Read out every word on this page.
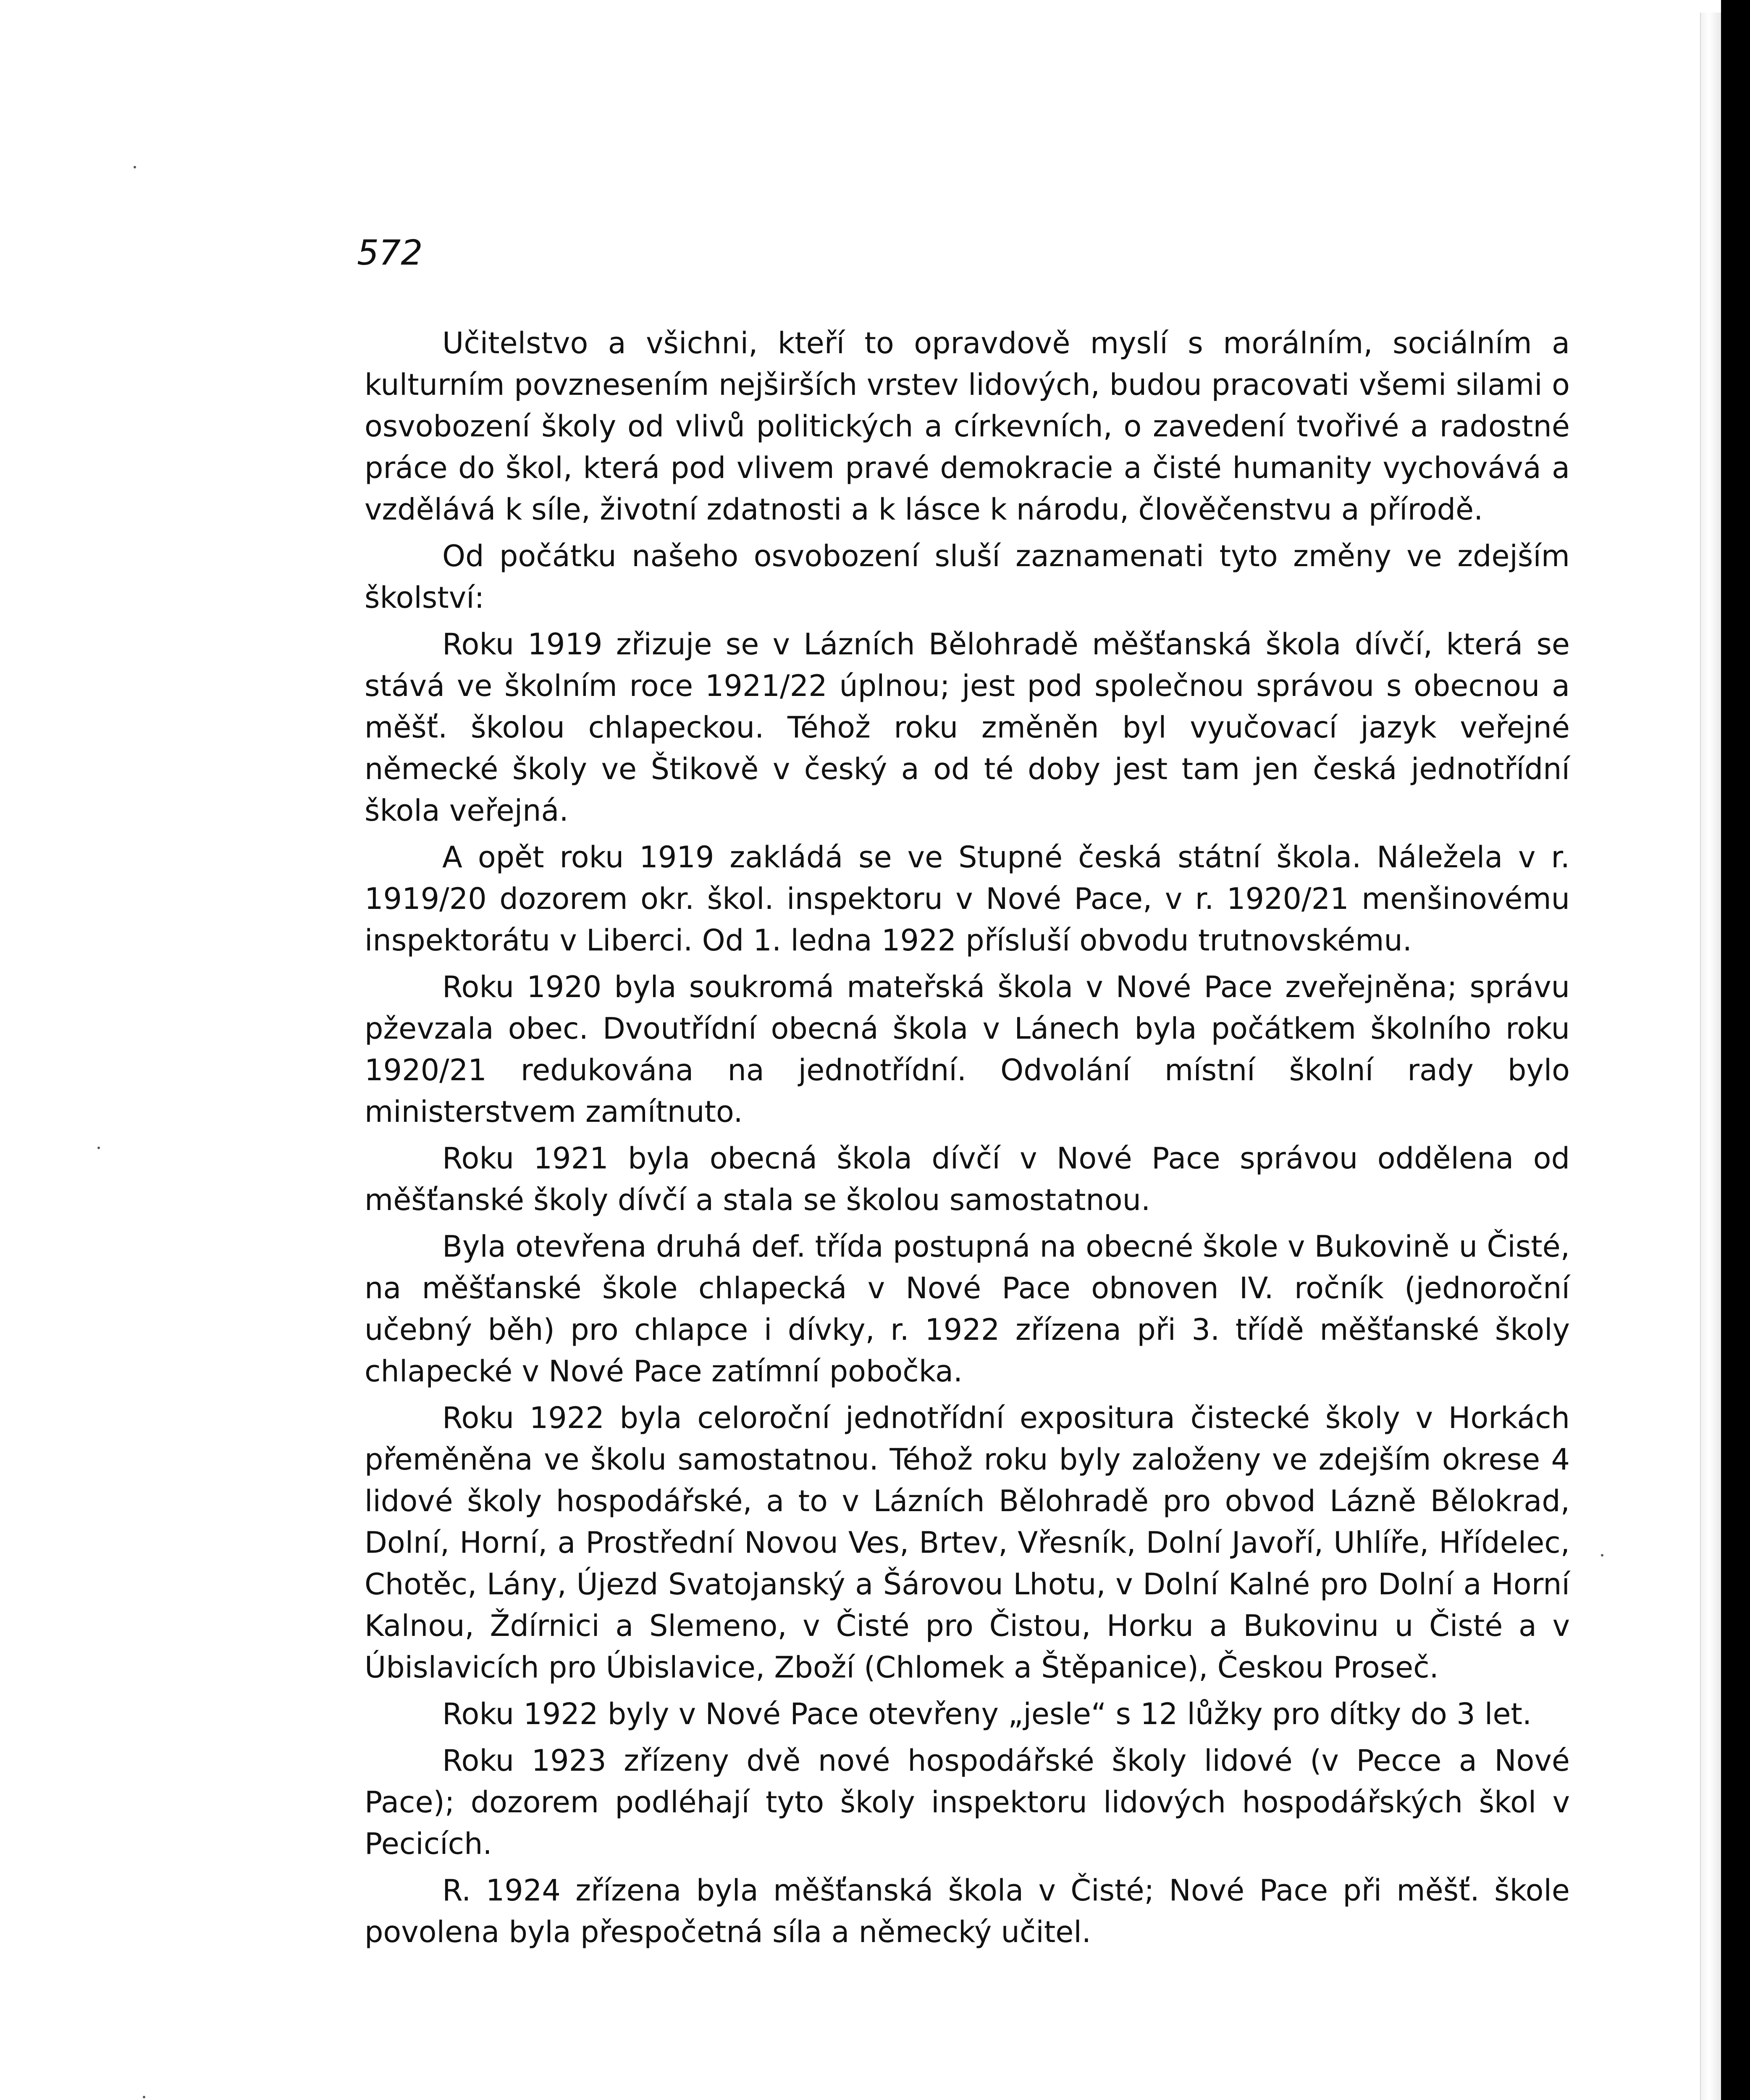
572

Učitelstvo a všichni, kteří to opravdově myslí s morálním, sociálním a kulturním povznesením nejširších vrstev lidových, budou pracovati všemi silami o osvobození školy od vlivů politických a církevních, o zavedení tvořivé a radostné práce do škol, která pod vlivem pravé demokracie a čisté humanity vychovává a vzdělává k síle, životní zdatnosti a k lásce k národu, člověčenstvu a přírodě.

Od počátku našeho osvobození sluší zaznamenati tyto změny ve zdejším školství:

Roku 1919 zřizuje se v Lázních Bělohradě měšťanská škola dívčí, která se stává ve školním roce 1921/22 úplnou; jest pod společnou správou s obecnou a měšť. školou chlapeckou. Téhož roku změněn byl vyučovací jazyk veřejné německé školy ve Štikově v český a od té doby jest tam jen česká jednotřídní škola veřejná.

A opět roku 1919 zakládá se ve Stupné česká státní škola. Náležela v r. 1919/20 dozorem okr. škol. inspektoru v Nové Pace, v r. 1920/21 menšinovému inspektorátu v Liberci. Od 1. ledna 1922 přísluší obvodu trutnovskému.

Roku 1920 byla soukromá mateřská škola v Nové Pace zveřejněna; správu pževzala obec. Dvoutřídní obecná škola v Lánech byla počátkem školního roku 1920/21 redukována na jednotřídní. Odvolání místní školní rady bylo ministerstvem zamítnuto.

Roku 1921 byla obecná škola dívčí v Nové Pace správou oddělena od měšťanské školy dívčí a stala se školou samostatnou.

Byla otevřena druhá def. třída postupná na obecné škole v Bukovině u Čisté, na měšťanské škole chlapecká v Nové Pace obnoven IV. ročník (jednoroční učebný běh) pro chlapce i dívky, r. 1922 zřízena při 3. třídě měšťanské školy chlapecké v Nové Pace zatímní pobočka.

Roku 1922 byla celoroční jednotřídní expositura čistecké školy v Horkách přeměněna ve školu samostatnou. Téhož roku byly založeny ve zdejším okrese 4 lidové školy hospodářské, a to v Lázních Bělohradě pro obvod Lázně Bělokrad, Dolní, Horní, a Prostřední Novou Ves, Brtev, Vřesník, Dolní Javoří, Uhlíře, Hřídelec, Chotěc, Lány, Újezd Svatojanský a Šárovou Lhotu, v Dolní Kalné pro Dolní a Horní Kalnou, Ždírnici a Slemeno, v Čisté pro Čistou, Horku a Bukovinu u Čisté a v Úbislavicích pro Úbislavice, Zboží (Chlomek a Štěpanice), Českou Proseč.

Roku 1922 byly v Nové Pace otevřeny „jesle“ s 12 lůžky pro dítky do 3 let.

Roku 1923 zřízeny dvě nové hospodářské školy lidové (v Pecce a Nové Pace); dozorem podléhají tyto školy inspektoru lidových hospodářských škol v Pecicích.

R. 1924 zřízena byla měšťanská škola v Čisté; Nové Pace při měšť. škole povolena byla přespočetná síla a německý učitel.
